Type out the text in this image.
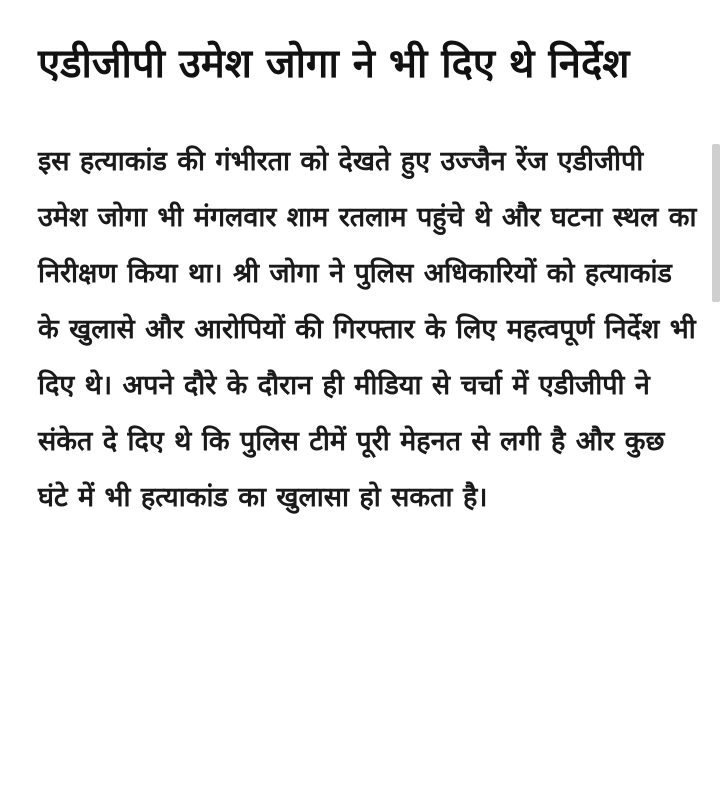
एडीजीपी उमेश जोगा ने भी दिए थे निर्देश

इस हत्याकांड की गंभीरता को देखते हुए उज्जैन रेंज एडीजीपी उमेश जोगा भी मंगलवार शाम रतलाम पहुंचे थे और घटना स्थल का निरीक्षण किया था। श्री जोगा ने पुलिस अधिकारियों को हत्याकांड के खुलासे और आरोपियों की गिरफ्तार के लिए महत्वपूर्ण निर्देश भी दिए थे। अपने दौरे के दौरान ही मीडिया से चर्चा में एडीजीपी ने संकेत दे दिए थे कि पुलिस टीमें पूरी मेहनत से लगी है और कुछ घंटे में भी हत्याकांड का खुलासा हो सकता है।
